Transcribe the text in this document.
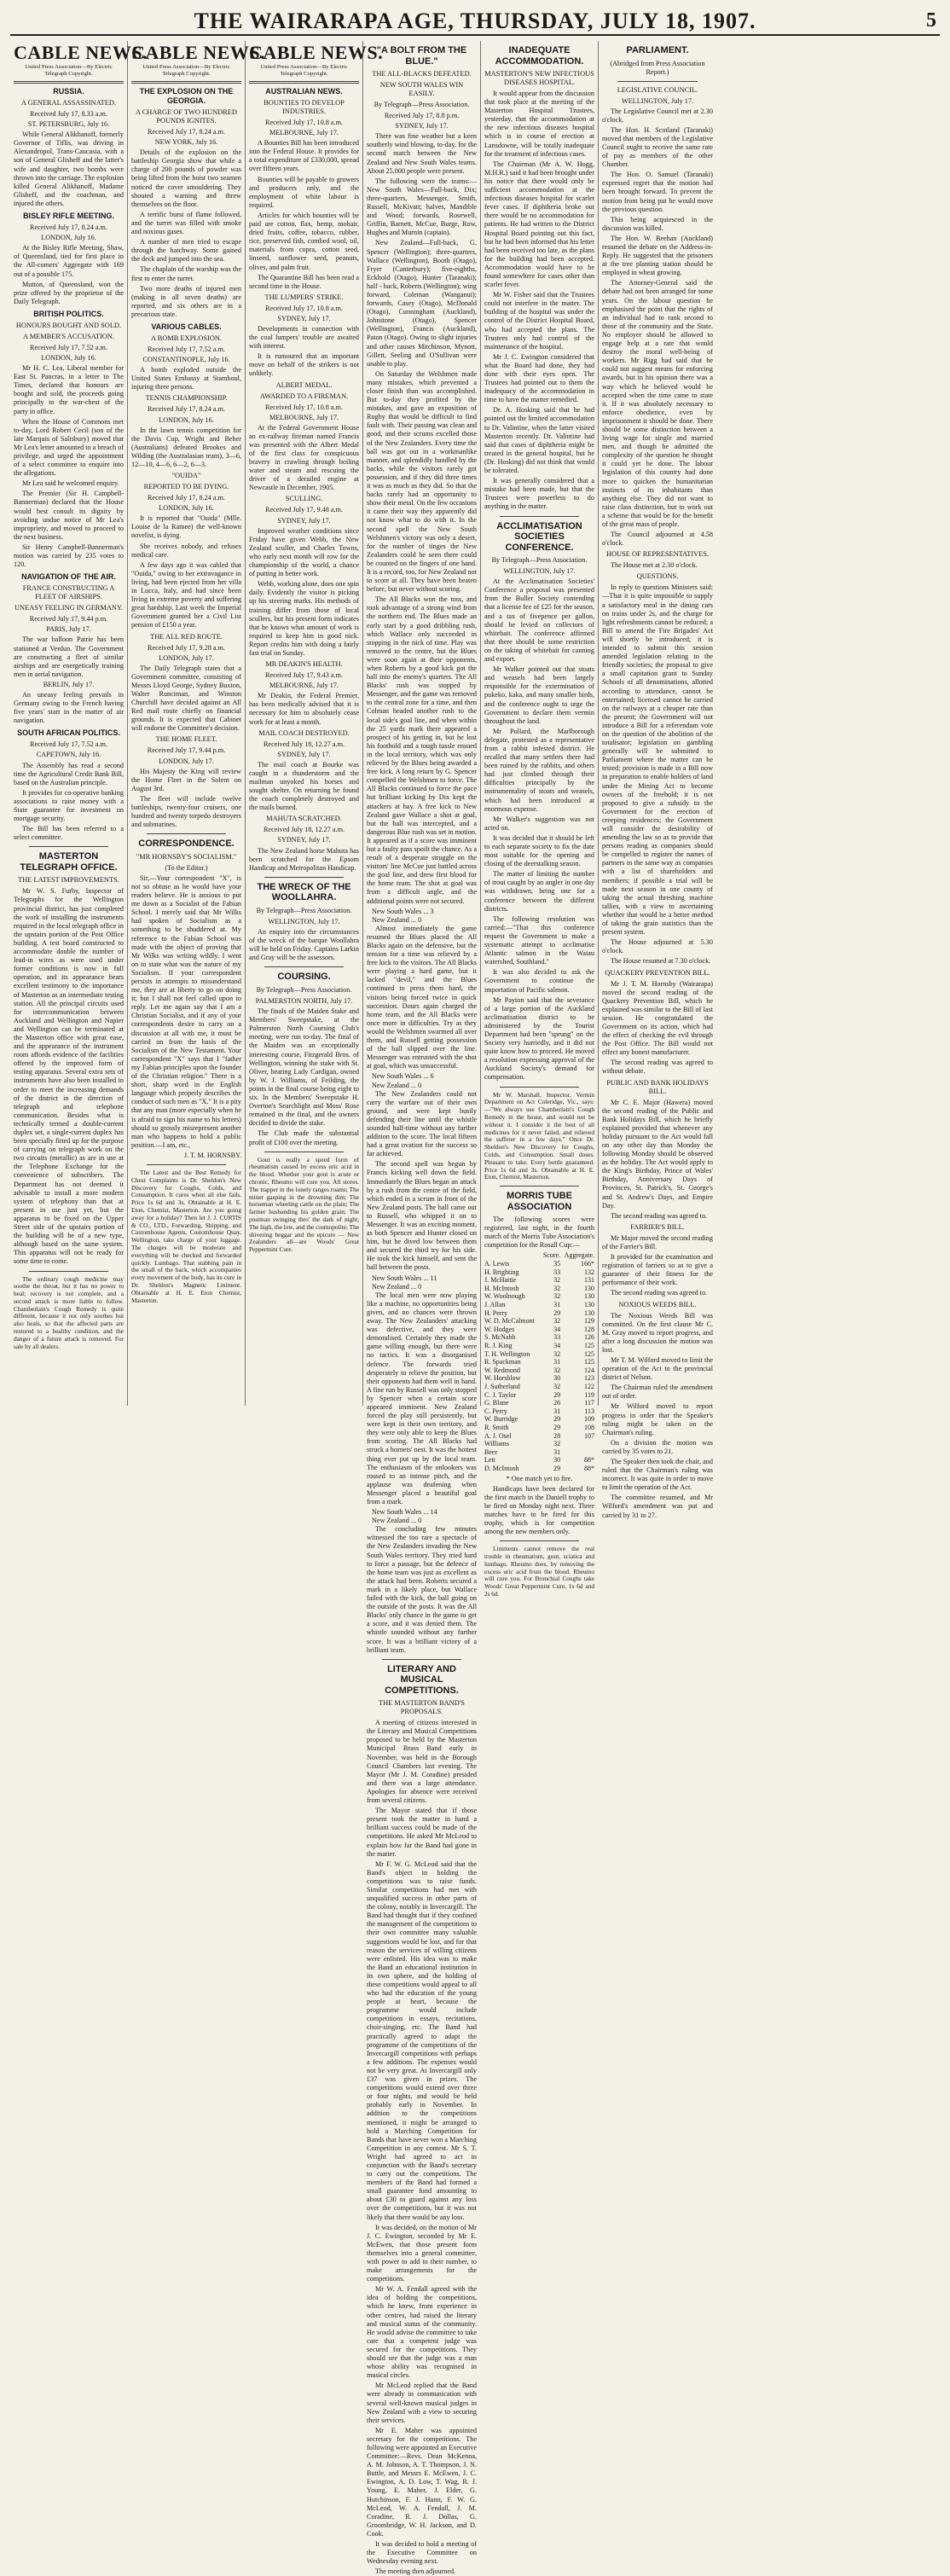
THE WAIRARAPA AGE, THURSDAY, JULY 18, 1907.	5
CABLE NEWS.
United Press Association—By Electric Telegraph Copyright.
RUSSIA.
A GENERAL ASSASSINATED.
Received July 17, 8.33 a.m.
ST. PETERSBURG, July 16.

While General Alikhanoff, formerly Governor of Tiflis, was driving in Alexandropol, Trans-Caucasia, with a son of General Glisheff and the latter's wife and daughter, two bombs were thrown into the carriage. The explosion killed General Alikhanoff, Madame Glisheff, and the coachman, and injured the others.

BISLEY RIFLE MEETING.
Received July 17, 8.24 a.m.
LONDON, July 16.

At the Bisley Rifle Meeting, Shaw, of Queensland, tied for first place in the All-comers' Aggregate with 169 out of a possible 175.

Mutton, of Queensland, won the prize offered by the proprietor of the Daily Telegraph.

BRITISH POLITICS.
HONOURS BOUGHT AND SOLD.
A MEMBER'S ACCUSATION.
Received July 17, 7.52 a.m.
LONDON, July 16.

Mr H. C. Lea, Liberal member for East St. Pancras, in a letter to The Times, declared that honours are bought and sold, the proceeds going principally to the war-chest of the party in office.

When the House of Commons met to-day, Lord Robert Cecil (son of the late Marquis of Salisbury) moved that Mr Lea's letter amounted to a breach of privilege, and urged the appointment of a select committee to enquire into the allegations.

Mr Lea said he welcomed enquiry.

The Premier (Sir H. Campbell-Bannerman) declared that the House would best consult its dignity by avoiding undue notice of Mr Lea's impropriety, and moved to proceed to the next business.

Sir Henry Campbell-Bannerman's motion was carried by 235 votes to 120.

NAVIGATION OF THE AIR.
FRANCE CONSTRUCTING A FLEET OF AIRSHIPS.
UNEASY FEELING IN GERMANY.
Received July 17, 9.44 p.m.
PARIS, July 17.

The war balloon Patrie has been stationed at Verdun. The Government are constructing a fleet of similar airships and are energetically training men in aerial navigation.

BERLIN, July 17.

An uneasy feeling prevails in Germany owing to the French having five years' start in the matter of air navigation.

SOUTH AFRICAN POLITICS.
Received July 17, 7.52 a.m.
CAPETOWN, July 16.

The Assembly has read a second time the Agricultural Credit Bank Bill, based on the Australian principle.

It provides for co-operative banking associations to raise money with a State guarantee for investment on mortgage security.

The Bill has been referred to a select committee.

MASTERTON TELEGRAPH OFFICE.
THE LATEST IMPROVEMENTS.

Mr W. S. Furby, Inspector of Telegraphs for the Wellington provincial district, has just completed the work of installing the instruments required in the local telegraph office in the upstairs portion of the Post Office building. A test board constructed to accommodate double the number of lead-in wires as were used under former conditions is now in full operation, and its appearance bears excellent testimony to the importance of Masterton as an intermediate testing station. All the principal circuits used for intercommunication between Auckland and Wellington and Napier and Wellington can be terminated at the Masterton office with great ease, and the appearance of the instrument room affords evidence of the facilities offered by the improved form of testing apparatus. Several extra sets of instruments have also been installed in order to meet the increasing demands of the district in the direction of telegraph and telephone communication. Besides what is technically termed a double-current duplex set, a single-current duplex has been specially fitted up for the purpose of carrying on telegraph work on the two circuits (metallic) as are in use at the Telephone Exchange for the convenience of subscribers. The Department has not deemed it advisable to install a more modern system of telephony than that at present in use just yet, but the apparatus to be fixed on the Upper Street side of the upstairs portion of the building will be of a new type, although based on the same system. This apparatus will not be ready for some time to come.

The ordinary cough medicine may soothe the throat, but it has no power to heal; recovery is not complete, and a second attack is more liable to follow. Chamberlain's Cough Remedy is quite different, because it not only soothes but also heals, so that the affected parts are restored to a healthy condition, and the danger of a future attack is removed. For sale by all dealers.

CABLE NEWS.
United Press Association—By Electric Telegraph Copyright.
THE EXPLOSION ON THE GEORGIA.
A CHARGE OF TWO HUNDRED POUNDS IGNITES.
Received July 17, 8.24 a.m.
NEW YORK, July 16.

Details of the explosion on the battleship Georgia show that while a charge of 200 pounds of powder was being lifted from the hoist two seamen noticed the cover smouldering. They shouted a warning and threw themselves on the floor.

A terrific burst of flame followed, and the turret was filled with smoke and noxious gases.

A number of men tried to escape through the hatchway. Some gained the deck and jumped into the sea.

The chaplain of the warship was the first to enter the turret.

Two more deaths of injured men (making in all seven deaths) are reported, and six others are in a precarious state.

VARIOUS CABLES.
A BOMB EXPLOSION.
Received July 17, 7.52 a.m.
CONSTANTINOPLE, July 16.

A bomb exploded outside the United States Embassy at Stamboul, injuring three persons.

TENNIS CHAMPIONSHIP.
Received July 17, 8.24 a.m.
LONDON, July 16.

In the lawn tennis competition for the Davis Cup, Wright and Beher (Australians) defeated Brookes and Wilding (the Australasian team), 3—6, 12—10, 4—6, 6—2, 6—3.

"OUIDA"
REPORTED TO BE DYING.
Received July 17, 8.24 a.m.
LONDON, July 16.

It is reported that "Ouida" (Mlle. Louise de la Ramee) the well-known novelist, is dying.

She receives nobody, and refuses medical care.

A few days ago it was cabled that "Ouida," owing to her extravagance in living, had been ejected from her villa in Lucca, Italy, and had since been living in extreme poverty and suffering great hardship. Last week the Imperial Government granted her a Civil List pension of £150 a year.

THE ALL RED ROUTE.
Received July 17, 9.28 a.m.
LONDON, July 17.

The Daily Telegraph states that a Government committee, consisting of Messrs Lloyd George, Sydney Buxton, Walter Runciman, and Winston Churchill have decided against an All Red mail route chiefly on financial grounds. It is expected that Cabinet will endorse the Committee's decision.

THE HOME FLEET.
Received July 17, 9.44 p.m.
LONDON, July 17.

His Majesty the King will review the Home Fleet in the Solent on August 3rd.

The fleet will include twelve battleships, twenty-four cruisers, one hundred and twenty torpedo destroyers and submarines.

CORRESPONDENCE.
"MR HORNSBY'S SOCIALISM."
(To the Editor.)

Sir,—Your correspondent "X", is not so obtuse as he would have your readers believe. He is anxious to put me down as a Socialist of the Fabian School. I merely said that Mr Wilks had spoken of Socialism as a something to be shuddered at. My reference to the Fabian School was made with the object of proving that Mr Wilks was writing wildly. I went on to state what was the nature of my Socialism. If your correspondent persists in attempts to misunderstand me, they are at liberty to go on doing it; but I shall not feel called upon to reply. Let me again say that I am a Christian Socialist, and if any of your correspondents desire to carry on a discussion at all with me, it must be carried on from the basis of the Socialism of the New Testament. Your correspondent "X" says that I "father my Fabian principles upon the founder of the Christian religion." There is a short, sharp word in the English language which properly describes the conduct of such men as "X." It is a pity that any man (more especially when he is afraid to sign his name to his letters) should so grossly misrepresent another man who happens to hold a public position.—I am, etc.,

J. T. M. HORNSBY.

The Latest and the Best Remedy for Chest Complaints is Dr. Sheldon's New Discovery for Coughs, Colds, and Consumption. It cures when all else fails. Price 1s 6d and 3s. Obtainable at H. E. Eton, Chemist, Masterton. Are you going away for a holiday? Then let J. J. CURTIS & CO., LTD., Forwarding, Shipping, and Customhouse Agents, Customhouse Quay, Wellington, take charge of your luggage. The charges will be moderate and everything will be checked and forwarded quickly. Lumbago. That stabbing pain in the small of the back, which accompanies every movement of the body, has its cure in Dr. Sheldon's Magnetic Liniment. Obtainable at H. E. Eton Chemist, Masterton.

CABLE NEWS.
United Press Association—By Electric Telegraph Copyright.
AUSTRALIAN NEWS.
BOUNTIES TO DEVELOP INDUSTRIES.
Received July 17, 10.8 a.m.
MELBOURNE, July 17.

A Bounties Bill has been introduced into the Federal House. It provides for a total expenditure of £330,000, spread over fifteen years.

Bounties will be payable to growers and producers only, and the employment of white labour is required.

Articles for which bounties will be paid are cotton, flax, hemp, mohair, dried fruits, coffee, tobacco, rubber, rice, preserved fish, combed wool, oil, materials from copra, cotton seed, linseed, sunflower seed, peanuts, olives, and palm fruit.

The Quarantine Bill has been read a second time in the House.

THE LUMPERS' STRIKE.
Received July 17, 10.8 a.m.
SYDNEY, July 17.

Developments in connection with the coal lumpers' trouble are awaited with interest.

It is rumoured that an important move on behalf of the strikers is not unlikely.

ALBERT MEDAL.
AWARDED TO A FIREMAN.
Received July 17, 10.8 a.m.
MELBOURNE, July 17.

At the Federal Government House an ex-railway fireman named Francis was presented with the Albert Medal of the first class for conspicuous bravery in crawling through boiling water and steam and rescuing the driver of a derailed engine at Newcastle in December, 1905.

SCULLING.
Received July 17, 9.48 a.m.
SYDNEY, July 17.

Improved weather conditions since Friday have given Webb, the New Zealand sculler, and Charles Towns, who early next month will row for the championship of the world, a chance of putting in better work.

Webb, working alone, does one spin daily. Evidently the visitor is picking up his steering marks. His methods of training differ from those of local scullers, but his present form indicates that he knows what amount of work is required to keep him in good nick. Report credits him with doing a fairly fast trial on Sunday.

MR DEAKIN'S HEALTH.
Received July 17, 9.43 a.m.
MELBOURNE, July 17.

Mr Deakin, the Federal Premier, has been medically advised that it is necessary for him to absolutely cease work for at least a month.

MAIL COACH DESTROYED.
Received July 18, 12.27 a.m.
SYDNEY, July 17.

The mail coach at Bourke was caught in a thunderstorm and the mailman unyoked his horses and sought shelter. On returning he found the coach completely destroyed and the mails burned.

MAHUTA SCRATCHED.
Received July 18, 12.27 a.m.
SYDNEY, July 17.

The New Zealand horse Mahuta has been scratched for the Epsom Handicap and Metropolitan Handicap.

THE WRECK OF THE WOOLLAHRA.
By Telegraph—Press Association.
WELLINGTON, July 17.

An enquiry into the circumstances of the wreck of the barque Woollahra will be held on Friday. Captains Larkin and Gray will be the assessors.

COURSING.
By Telegraph—Press Association.
PALMERSTON NORTH, July 17.

The finals of the Maiden Stake and Members' Sweepstake, at the Palmerston North Coursing Club's meeting, were run to-day. The final of the Maiden was an exceptionally interesting course, Fitzgerald Bros. of Wellington, winning the stake with St. Oliver, beating Lady Cardigan, owned by W. J. Williams, of Feilding, the points in the final course being eight to six. In the Members' Sweepstake H. Overton's Searchlight and Moss' Rose remained in the final, and the owners decided to divide the stake.

The Club made the substantial profit of £100 over the meeting.

Gout is really a speed form of rheumatism caused by excess uric acid in the blood. Whether your gout is acute or chronic, Rheumo will cure you. All stores. The trapper in the lonely ranges roams; The miner gasping in the drowning dim; The horseman wheeling cattle on the plain; The farmer husbanding his golden grain; The postman swinging thro' the dark of night; The high, the low, and the cosmopolite; The shivering beggar and the epicure — New Zealanders all—are Woods' Great Peppermint Cure.

"A BOLT FROM THE BLUE."
THE ALL-BLACKS DEFEATED.
NEW SOUTH WALES WIN EASILY.
By Telegraph—Press Association.
Received July 17, 8.8 p.m.
SYDNEY, July 17.

There was fine weather but a keen southerly wind blowing, to-day, for the second match between the New Zealand and New South Wales teams. About 25,000 people were present.

The following were the teams:—New South Wales—Full-back, Dix; three-quarters, Messenger, Smith, Russell, McKivatt; halves, Mandible and Wood; forwards, Rosewell, Griffin, Barnett, McCue, Burge, Row, Hughes and Murnin (captain).

New Zealand—Full-back, G. Spencer (Wellington); three-quarters, Wallace (Wellington), Booth (Otago), Fryer (Canterbury); five-eighths, Eckhold (Otago), Hunter (Taranaki); half - back, Roberts (Wellington); wing forward, Coleman (Wanganui); forwards, Casey (Otago), McDonald (Otago), Cunningham (Auckland), Johnstone (Otago), Spencer (Wellington), Francis (Auckland), Paton (Otago). Owing to slight injuries and other causes Mitchinson, Mynott, Gillett, Seeling and O'Sullivan were unable to play.

On Saturday the Welshmen made many mistakes, which prevented a closer finish than was accomplished. But to-day they profited by the mistakes, and gave an exposition of Rugby that would be difficult to find fault with. Their passing was clean and good, and their scrums excelled those of the New Zealanders. Every time the ball was got out in a workmanlike manner, and splendidly handled by the backs, while the visitors rarely got possession, and if they did three times it was as much as they did. So that the backs rarely had an opportunity to show their metal. On the few occasions it came their way they apparently did not know what to do with it. In the second spell the New South Welshmen's victory was only a desert, for the number of tinges the New Zealanders could be seen there could be counted on the fingers of one hand. It is a record, too, for New Zealand not to score at all. They have been beaten before, but never without scoring.

The All Blacks won the toss, and took advantage of a strong wind from the northern end. The Blues made an early start by a good dribbling rush, which Wallace only succeeded in stopping in the nick of time. Play was removed to the centre, but the Blues were soon again at their opponents, when Roberts by a good kick got the ball into the enemy's quarters. The All Blacks' rush was stopped by Messenger, and the game was removed to the central zone for a time, and then Colman headed another rush to the local side's goal line, and when within the 25 yards mark there appeared a prospect of his getting in, but he lost his foothold and a tough tussle ensued in the local territory, which was only relieved by the Blues being awarded a free kick. A long return by G. Spencer compelled the Welshmen to force. The All Blacks continued to force the pace but brilliant kicking by Dix kept the attackers at bay. A free kick to New Zealand gave Wallace a shot at goal, but the ball was intercepted, and a dangerous Blue rush was set in motion. It appeared as if a score was imminent but a faulty pass spoilt the chance. As a result of a desperate struggle on the visitors' line McCue just battled across the goal line, and drew first blood for the home team. The shot at goal was from a difficult angle, and the additional points were not secured.

New South Wales ... 3
New Zealand ... 0

Almost immediately the game resumed the Blues placed the All Blacks again on the defensive, but the tension for a time was relieved by a free kick to the visitors. The All Blacks were playing a hard game, but it lacked "devil," and the Blues continued to press them hard, the visitors being forced twice in quick succession. Dours again charged the home team, and the All Blacks were once more in difficulties. Try as they would the Welshmen swarmed all over them, and Russell getting possession of the ball slipped over the line. Messenger was entrusted with the shot at goal, which was unsuccessful.

New South Wales ... 6
New Zealand ... 0

The New Zealanders could not carry the warfare out of their own ground, and were kept busily defending their line until the whistle sounded half-time without any further addition to the score. The local fifteen had a great ovation for the success so far achieved.

The second spell was begun by Francis kicking well down the field. Immediately the Blues began an attack by a rush from the centre of the field, which ended in a scrum in front of the New Zealand posts. The ball came out to Russell, who whipped it on to Messenger. It was an exciting moment, as both Spencer and Hunter closed on him, but he dived low between them and secured the third try for his side. He took the kick himself, and sent the ball between the posts.

New South Wales ... 11
New Zealand ... 0

The local men were now playing like a machine, no opportunities being given, and no chances were thrown away. The New Zealanders' attacking was defective, and they were demoralised. Certainly they made the game willing enough, but there were no tactics. It was a disorganised defence. The forwards tried desperately to relieve the position, but their opponents had them well in hand. A fine run by Russell was only stopped by Spencer when a certain score appeared imminent. New Zealand forced the play still persistently, but were kept in their own territory, and they were only able to keep the Blues from scoring. The All Blacks had struck a hornets' nest. It was the hottest thing ever put up by the local team. The enthusiasm of the onlookers was roused to an intense pitch, and the applause was deafening when Messenger placed a beautiful goal from a mark.

New South Wales ... 14
New Zealand ... 0

The concluding few minutes witnessed the too rare a spectacle of the New Zealanders invading the New South Wales territory. They tried hard to force a passage, but the defence of the home team was just as excellent as the attack had been. Roberts secured a mark in a likely place, but Wallace failed with the kick, the ball going on the outside of the posts. It was the All Blacks' only chance in the game to get a score, and it was denied them. The whistle sounded without any further score. It was a brilliant victory of a brilliant team.

LITERARY AND MUSICAL COMPETITIONS.
THE MASTERTON BAND'S PROPOSALS.

A meeting of citizens interested in the Literary and Musical Competitions proposed to be held by the Masterton Municipal Brass Band early in November, was held in the Borough Council Chambers last evening. The Mayor (Mr J. M. Coradine) presided and there was a large attendance. Apologies for absence were received from several citizens.

The Mayor stated that if those present took the matter in hand a brilliant success could be made of the competitions. He asked Mr McLeod to explain how far the Band had gone in the matter.

Mr F. W. G. McLeod said that the Band's object in holding the competitions was to raise funds. Similar competitions had met with unqualified success in other parts of the colony, notably in Invercargill. The Band had thought that if they confined the management of the competitions to their own committee many valuable suggestions would be lost, and for that reason the services of willing citizens were enlisted. His idea was to make the Band an educational institution in its own sphere, and the holding of these competitions would appeal to all who had the education of the young people at heart, because the programme would include competitions in essays, recitations, choir-singing, etc. The Band had practically agreed to adapt the programme of the competitions of the Invercargill competitions with perhaps a few additions. The expenses would not be very great. At Invercargill only £37 was given in prizes. The competitions would extend over three or four nights, and would be held probably early in November. In addition to the competitions mentioned, it might be arranged to hold a Marching Competition for Bands that have never won a Marching Competition in any contest. Mr S. T. Wright had agreed to act in conjunction with the Band's secretary to carry out the competitions. The members of the Band had formed a small guarantee fund amounting to about £30 to guard against any loss over the competitions, but it was not likely that there would be any loss.

It was decided, on the motion of Mr J. C. Ewington, seconded by Mr E. McEwen, that those present form themselves into a general committee, with power to add to their number, to make arrangements for the competitions.

Mr W. A. Fendall agreed with the idea of holding the competitions, which he knew, from experience in other centres, had raised the literary and musical status of the community. He would advise the committee to take care that a competent judge was secured for the competitions. They should see that the judge was a man whose ability was recognised in musical circles.

Mr McLeod replied that the Band were already in communication with several well-known musical judges in New Zealand with a view to securing their services.

Mr E. Maher was appointed secretary for the competitions. The following were appointed an Executive Committee:—Revs. Dean McKenna, A. M. Johnson, A. T. Thompson, J. N. Buttle, and Messrs E. McEwen, J. C. Ewington, A. D. Low, T. Wag, R. J. Young, E. Maher, J. Elder, G. Hutchinson, F. J. Hunn, F. W. G. McLeod, W. A. Fendall, J. M. Coradine, R. J. Dollas, G. Groombridge, W. H. Jackson, and D. Cook.

It was decided to hold a meeting of the Executive Committee on Wednesday evening next.

The meeting then adjourned.

INADEQUATE ACCOMMODATION.
MASTERTON'S NEW INFECTIOUS DISEASES HOSPITAL.

It would appear from the discussion that took place at the meeting of the Masterton Hospital Trustees, yesterday, that the accommodation at the new infectious diseases hospital which is in course of erection at Lansdowne, will be totally inadequate for the treatment of infectious cases.

The Chairman (Mr A. W. Hogg, M.H.R.) said it had been brought under his notice that there would only be sufficient accommodation at the infectious diseases hospital for scarlet fever cases. If diphtheria broke out there would be no accommodation for patients. He had written to the District Hospital Board pointing out this fact, but he had been informed that his letter had been received too late, as the plans for the building had been accepted. Accommodation would have to be found somewhere for cases other than scarlet fever.

Mr W. Fisher said that the Trustees could not interfere in the matter. The building of the hospital was under the control of the District Hospital Board, who had accepted the plans. The Trustees only had control of the maintenance of the hospital.

Mr J. C. Ewington considered that what the Board had done, they had done with their eyes open. The Trustees had pointed out to them the inadequacy of the accommodation in time to have the matter remedied.

Dr. A. Hosking said that he had pointed out the limited accommodation to Dr. Valintine, when the latter visited Masterton recently. Dr. Valintine had said that cases of diphtheria might be treated in the general hospital, but he (Dr. Hosking) did not think that would be tolerated.

It was generally considered that a mistake had been made, but that the Trustees were powerless to do anything in the matter.

ACCLIMATISATION SOCIETIES CONFERENCE.
By Telegraph—Press Association.
WELLINGTON, July 17.

At the Acclimatisation Societies' Conference a proposal was presented from the Buller Society contending that a license fee of £25 for the season, and a tax of fivepence per gallon, should be levied on collectors of whitebait. The conference affirmed that there should be some restriction on the taking of whitebait for canning and export.

Mr Walker pointed out that stoats and weasels had been largely responsible for the extermination of pukeko, kaka, and many smaller birds, and the conference ought to urge the Government to declare them vermin throughout the land.

Mr Pollard, the Marlborough delegate, protested as a representative from a rabbit infested district. He recalled that many settlers there had been ruined by the rabbits, and others had just climbed through their difficulties principally by the instrumentality of stoats and weasels, which had been introduced at enormous expense.

Mr Walker's suggestion was not acted on.

It was decided that it should be left to each separate society to fix the date most suitable for the opening and closing of the deerstalking season.

The matter of limiting the number of trout caught by an angler in one day was withdrawn, being one for a conference between the different districts.

The following resolution was carried:—"That this conference request the Government to make a systematic attempt to acclimatise Atlantic salmon in the Waiau watershed, Southland."

It was also decided to ask the Government to continue the importation of Pacific salmon.

Mr Payton said that the severance of a large portion of the Auckland acclimatisation district to be administered by the Tourist Department had been "sprung" on the Society very hurriedly, and it did not quite know how to proceed. He moved a resolution expressing approval of the Auckland Society's demand for compensation.

Mr W. Marshall, Inspector, Vermin Department on Act Coleridge, Vic., says:—"We always use Chamberlain's Cough Remedy in the house, and would not be without it. I consider it the best of all medicines for it never failed, and relieved the sufferer in a few days." Once Dr. Sheldon's New Discovery for Coughs, Colds, and Consumption. Small doses. Pleasant to take. Every bottle guaranteed. Price 1s 6d and 3s. Obtainable at H. E. Eton, Chemist, Masterton.

MORRIS TUBE ASSOCIATION

The following scores were registered, last night, in the fourth match of the Morris Tube Association's competition for the Rosall Cup:—

	Score.	Aggregate.
A. Lewis	35	166*
H. Brighting	33	132
J. McHattie	32	131
H. McIntosh	32	130
W. Woolnough	32	130
J. Allan	31	130
H. Perry	29	130
W. D. McCalmont	32	129
W. Hodges	34	128
S. McNabb	33	126
R. J. King	34	125
T. H. Wellington	32	125
R. Spackman	31	125
W. Redmond	32	124
W. Horsblow	30	123
J. Sutherland	32	122
C. J. Taylor	29	119
G. Blane	26	117
C. Perry	31	113
W. Burridge	29	109
R. Smith	29	108
A. J. Osel	28	107
Williams	32	
Beer	31	
Lett	30	88*
D. McIntosh	29	88*
* One match yet to fire.

Handicaps have been declared for the first match in the Daniell trophy to be fired on Monday night next. Three matches have to be fired for this trophy, which is for competition among the new members only.

Liniments cannot remove the real trouble in rheumatism, gout, sciatica and lumbago. Rheumo does, by removing the excess uric acid from the blood. Rheumo will cure you. For Bronchial Coughs take Woods' Great Peppermint Cure, 1s 6d and 2s 6d.

PARLIAMENT.
(Abridged from Press Association Report.)
LEGISLATIVE COUNCIL.
WELLINGTON, July 17.

The Legislative Council met at 2.30 o'clock.

The Hon. H. Scotland (Taranaki) moved that members of the Legislative Council ought to receive the same rate of pay as members of the other Chamber.

The Hon. O. Samuel (Taranaki) expressed regret that the motion had been brought forward. To prevent the motion from being put he would move the previous question.

This being acquiesced in the discussion was killed.

The Hon. W. Beehan (Auckland) resumed the debate on the Address-in-Reply. He suggested that the prisoners at the tree planting station should be employed in wheat growing.

The Attorney-General said the debate had not been arranged for some years. On the labour question he emphasised the point that the rights of an individual had to rank second to those of the community and the State. No employer should be allowed to engage help at a rate that would destroy the moral well-being of workers. Mr Rigg had said that he could not suggest means for enforcing awards, but in his opinion there was a way which he believed would be accepted when the time came to state it. If it was absolutely necessary to enforce obedience, even by imprisonment it should be done. There should be some distinction between a living wage for single and married men, and though he admitted the complexity of the question he thought it could yet be done. The labour legislation of this country had done more to quicken the humanitarian instincts of its inhabitants than anything else. They did not want to raise class distinction, but to work out a scheme that would be for the benefit of the great mass of people.

The Council adjourned at 4.58 o'clock.

HOUSE OF REPRESENTATIVES.

The House met at 2.30 o'clock.

QUESTIONS.

In reply to questions Ministers said:—That it is quite impossible to supply a satisfactory meal in the dining cars on trains under 2s, and the charge for light refreshments cannot be reduced; a Bill to amend the Fire Brigades' Act will shortly be introduced; it is intended to submit this session amended legislation relating to the friendly societies; the proposal to give a small capitation grant to Sunday Schools of all denominations, allotted according to attendance, cannot be entertained; licensed cannot be carried on the railways at a cheaper rate than the present; the Government will not introduce a Bill for a referendum vote on the question of the abolition of the totalisator; legislation on gambling generally will be submitted to Parliament where the matter can be tested; provision is made in a Bill now in preparation to enable holders of land under the Mining Act to become owners of the freehold; it is not proposed to give a subsidy to the Government for the erection of creeping residences; the Government will consider the desirability of amending the law so as to provide that persons reading as companies should be compelled to register the names of partners in the same way as companies with a list of shareholders and members; if possible a trial will be made next season in one county of taking the actual threshing machine tallies, with a view to ascertaining whether that would be a better method of taking the grain statistics than the present system.

The House adjourned at 5.30 o'clock.

The House resumed at 7.30 o'clock.

QUACKERY PREVENTION BILL.

Mr J. T. M. Hornsby (Wairarapa) moved the second reading of the Quackery Prevention Bill, which he explained was similar to the Bill of last session. He congratulated the Government on its action, which had the effect of checking the evil through the Post Office. The Bill would not effect any honest manufacturer.

The second reading was agreed to without debate.

PUBLIC AND BANK HOLIDAYS BILL.

Mr C. E. Major (Hawera) moved the second reading of the Public and Bank Holidays Bill, which he briefly explained provided that whenever any holiday pursuant to the Act would fall on any other day than Monday the following Monday should be observed as the holiday. The Act would apply to the King's Birthday, Prince of Wales' Birthday, Anniversary Days of Provinces, St. Patrick's, St. George's and St. Andrew's Days, and Empire Day.

The second reading was agreed to.

FARRIER'S BILL.

Mr Major moved the second reading of the Farrier's Bill.

It provided for the examination and registration of farriers so as to give a guarantee of their fitness for the performance of their work.

The second reading was agreed to.

NOXIOUS WEEDS BILL.

The Noxious Weeds Bill was committed. On the first clause Mr C. M. Gray moved to report progress, and after a long discussion the motion was lost.

Mr T. M. Wilford moved to limit the operation of the Act to the provincial district of Nelson.

The Chairman ruled the amendment out of order.

Mr Wilford moved to report progress in order that the Speaker's ruling might be taken on the Chairman's ruling.

On a division the motion was carried by 35 votes to 21.

The Speaker then took the chair, and ruled that the Chairman's ruling was incorrect. It was quite in order to move to limit the operation of the Act.

The committee resumed, and Mr Wilford's amendment was put and carried by 31 to 27.
